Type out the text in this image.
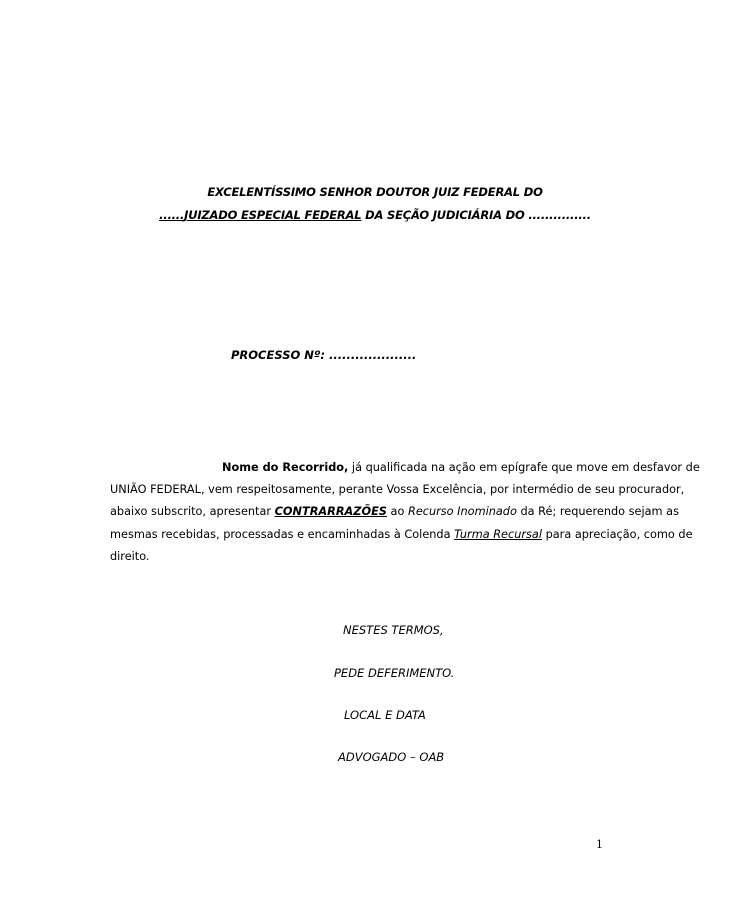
EXCELENTÍSSIMO SENHOR DOUTOR JUIZ FEDERAL DO
......JUIZADO ESPECIAL FEDERAL DA SEÇÃO JUDICIÁRIA DO ...............
PROCESSO Nº: ....................
Nome do Recorrido, já qualificada na ação em epígrafe que move em desfavor de
UNIÃO FEDERAL, vem respeitosamente, perante Vossa Excelência, por intermédio de seu procurador,
abaixo subscrito, apresentar CONTRARRAZÕES ao Recurso Inominado da Ré; requerendo sejam as
mesmas recebidas, processadas e encaminhadas à Colenda Turma Recursal para apreciação, como de
direito.
NESTES TERMOS,
PEDE DEFERIMENTO.
LOCAL E DATA
ADVOGADO – OAB
1
